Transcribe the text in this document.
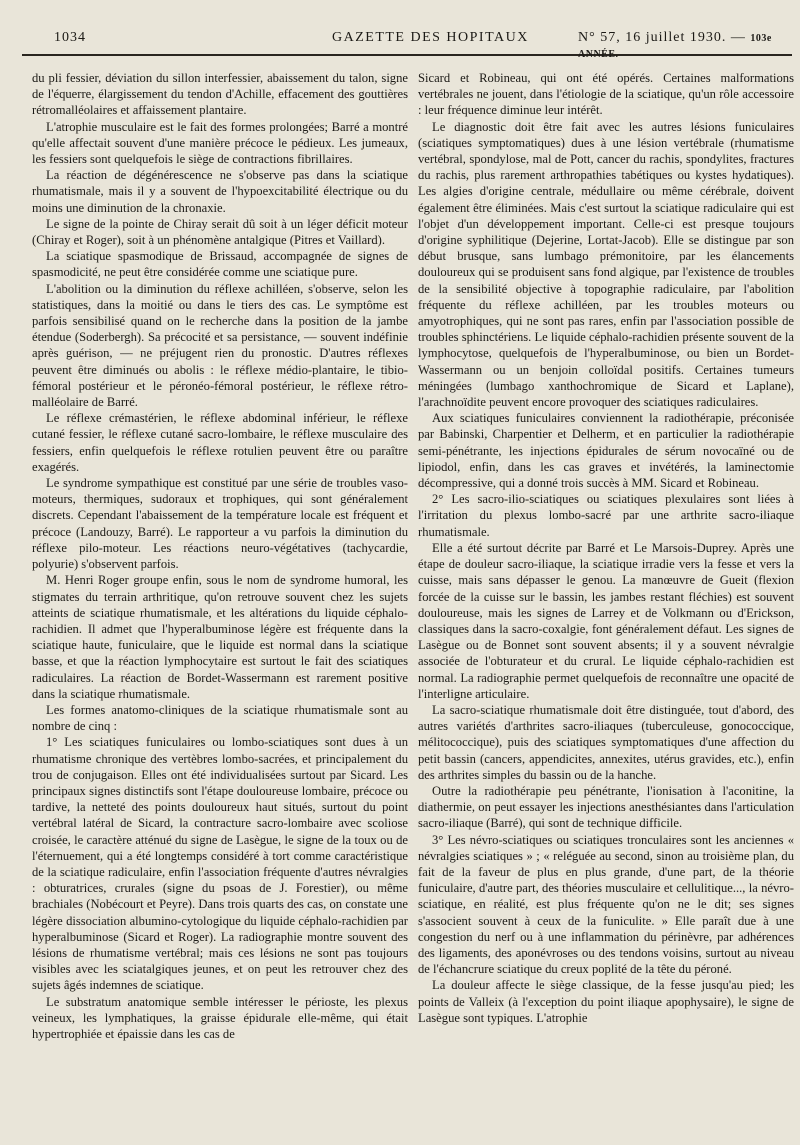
1034	GAZETTE DES HOPITAUX	N° 57, 16 juillet 1930. — 103e ANNÉE.

du pli fessier, déviation du sillon interfessier, abaissement du talon, signe de l'équerre, élargissement du tendon d'Achille, effacement des gouttières rétromalléolaires et affaissement plantaire.

L'atrophie musculaire est le fait des formes prolongées; Barré a montré qu'elle affectait souvent d'une manière précoce le pédieux. Les jumeaux, les fessiers sont quelquefois le siège de contractions fibrillaires.

La réaction de dégénérescence ne s'observe pas dans la sciatique rhumatismale, mais il y a souvent de l'hypoexcitabilité électrique ou du moins une diminution de la chronaxie.

Le signe de la pointe de Chiray serait dû soit à un léger déficit moteur (Chiray et Roger), soit à un phénomène antalgique (Pitres et Vaillard).

La sciatique spasmodique de Brissaud, accompagnée de signes de spasmodicité, ne peut être considérée comme une sciatique pure.

L'abolition ou la diminution du réflexe achilléen, s'observe, selon les statistiques, dans la moitié ou dans le tiers des cas. Le symptôme est parfois sensibilisé quand on le recherche dans la position de la jambe étendue (Soderbergh). Sa précocité et sa persistance, — souvent indéfinie après guérison, — ne préjugent rien du pronostic. D'autres réflexes peuvent être diminués ou abolis : le réflexe médio-plantaire, le tibio-fémoral postérieur et le péronéo-fémoral postérieur, le réflexe rétro-malléolaire de Barré.

Le réflexe crémastérien, le réflexe abdominal inférieur, le réflexe cutané fessier, le réflexe cutané sacro-lombaire, le réflexe musculaire des fessiers, enfin quelquefois le réflexe rotulien peuvent être ou paraître exagérés.

Le syndrome sympathique est constitué par une série de troubles vaso-moteurs, thermiques, sudoraux et trophiques, qui sont généralement discrets. Cependant l'abaissement de la température locale est fréquent et précoce (Landouzy, Barré). Le rapporteur a vu parfois la diminution du réflexe pilo-moteur. Les réactions neuro-végétatives (tachycardie, polyurie) s'observent parfois.

M. Henri Roger groupe enfin, sous le nom de syndrome humoral, les stigmates du terrain arthritique, qu'on retrouve souvent chez les sujets atteints de sciatique rhumatismale, et les altérations du liquide céphalo-rachidien. Il admet que l'hyperalbuminose légère est fréquente dans la sciatique haute, funiculaire, que le liquide est normal dans la sciatique basse, et que la réaction lymphocytaire est surtout le fait des sciatiques radiculaires. La réaction de Bordet-Wassermann est rarement positive dans la sciatique rhumatismale.

Les formes anatomo-cliniques de la sciatique rhumatismale sont au nombre de cinq :

1° Les sciatiques funiculaires ou lombo-sciatiques sont dues à un rhumatisme chronique des vertèbres lombo-sacrées, et principalement du trou de conjugaison. Elles ont été individualisées surtout par Sicard. Les principaux signes distinctifs sont l'étape douloureuse lombaire, précoce ou tardive, la netteté des points douloureux haut situés, surtout du point vertébral latéral de Sicard, la contracture sacro-lombaire avec scoliose croisée, le caractère atténué du signe de Lasègue, le signe de la toux ou de l'éternuement, qui a été longtemps considéré à tort comme caractéristique de la sciatique radiculaire, enfin l'association fréquente d'autres névralgies : obturatrices, crurales (signe du psoas de J. Forestier), ou même brachiales (Nobécourt et Peyre). Dans trois quarts des cas, on constate une légère dissociation albumino-cytologique du liquide céphalo-rachidien par hyperalbuminose (Sicard et Roger). La radiographie montre souvent des lésions de rhumatisme vertébral; mais ces lésions ne sont pas toujours visibles avec les sciatalgiques jeunes, et on peut les retrouver chez des sujets âgés indemnes de sciatique.

Le substratum anatomique semble intéresser le périoste, les plexus veineux, les lymphatiques, la graisse épidurale elle-même, qui était hypertrophiée et épaissie dans les cas de

Sicard et Robineau, qui ont été opérés. Certaines malformations vertébrales ne jouent, dans l'étiologie de la sciatique, qu'un rôle accessoire : leur fréquence diminue leur intérêt.

Le diagnostic doit être fait avec les autres lésions funiculaires (sciatiques symptomatiques) dues à une lésion vertébrale (rhumatisme vertébral, spondylose, mal de Pott, cancer du rachis, spondylites, fractures du rachis, plus rarement arthropathies tabétiques ou kystes hydatiques). Les algies d'origine centrale, médullaire ou même cérébrale, doivent également être éliminées. Mais c'est surtout la sciatique radiculaire qui est l'objet d'un développement important. Celle-ci est presque toujours d'origine syphilitique (Dejerine, Lortat-Jacob). Elle se distingue par son début brusque, sans lumbago prémonitoire, par les élancements douloureux qui se produisent sans fond algique, par l'existence de troubles de la sensibilité objective à topographie radiculaire, par l'abolition fréquente du réflexe achilléen, par les troubles moteurs ou amyotrophiques, qui ne sont pas rares, enfin par l'association possible de troubles sphinctériens. Le liquide céphalo-rachidien présente souvent de la lymphocytose, quelquefois de l'hyperalbuminose, ou bien un Bordet-Wassermann ou un benjoin colloïdal positifs. Certaines tumeurs méningées (lumbago xanthochromique de Sicard et Laplane), l'arachnoïdite peuvent encore provoquer des sciatiques radiculaires.

Aux sciatiques funiculaires conviennent la radiothérapie, préconisée par Babinski, Charpentier et Delherm, et en particulier la radiothérapie semi-pénétrante, les injections épidurales de sérum novocaïné ou de lipiodol, enfin, dans les cas graves et invétérés, la laminectomie décompressive, qui a donné trois succès à MM. Sicard et Robineau.

2° Les sacro-ilio-sciatiques ou sciatiques plexulaires sont liées à l'irritation du plexus lombo-sacré par une arthrite sacro-iliaque rhumatismale.

Elle a été surtout décrite par Barré et Le Marsois-Duprey. Après une étape de douleur sacro-iliaque, la sciatique irradie vers la fesse et vers la cuisse, mais sans dépasser le genou. La manœuvre de Gueit (flexion forcée de la cuisse sur le bassin, les jambes restant fléchies) est souvent douloureuse, mais les signes de Larrey et de Volkmann ou d'Erickson, classiques dans la sacro-coxalgie, font généralement défaut. Les signes de Lasègue ou de Bonnet sont souvent absents; il y a souvent névralgie associée de l'obturateur et du crural. Le liquide céphalo-rachidien est normal. La radiographie permet quelquefois de reconnaître une opacité de l'interligne articulaire.

La sacro-sciatique rhumatismale doit être distinguée, tout d'abord, des autres variétés d'arthrites sacro-iliaques (tuberculeuse, gonococcique, mélitococcique), puis des sciatiques symptomatiques d'une affection du petit bassin (cancers, appendicites, annexites, utérus gravides, etc.), enfin des arthrites simples du bassin ou de la hanche.

Outre la radiothérapie peu pénétrante, l'ionisation à l'aconitine, la diathermie, on peut essayer les injections anesthésiantes dans l'articulation sacro-iliaque (Barré), qui sont de technique difficile.

3° Les névro-sciatiques ou sciatiques tronculaires sont les anciennes « névralgies sciatiques » ; « reléguée au second, sinon au troisième plan, du fait de la faveur de plus en plus grande, d'une part, de la théorie funiculaire, d'autre part, des théories musculaire et cellulitique..., la névro-sciatique, en réalité, est plus fréquente qu'on ne le dit; ses signes s'associent souvent à ceux de la funiculite. » Elle paraît due à une congestion du nerf ou à une inflammation du périnèvre, par adhérences des ligaments, des aponévroses ou des tendons voisins, surtout au niveau de l'échancrure sciatique du creux poplité de la tête du péroné.

La douleur affecte le siège classique, de la fesse jusqu'au pied; les points de Valleix (à l'exception du point iliaque apophysaire), le signe de Lasègue sont typiques. L'atrophie
